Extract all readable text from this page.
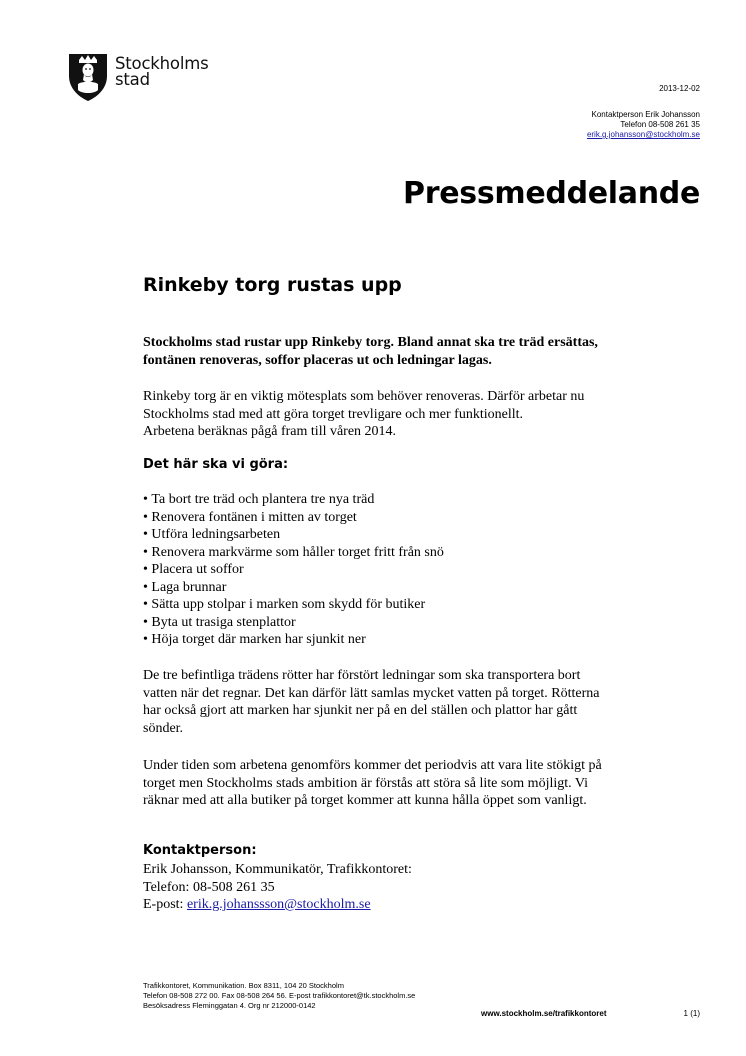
Stockholms
stad	2013-12-02
Kontaktperson Erik Johansson
Telefon 08-508 261 35
erik.g.johansson@stockholm.se
Pressmeddelande
Rinkeby torg rustas upp
Stockholms stad rustar upp Rinkeby torg. Bland annat ska tre träd ersättas, fontänen renoveras, soffor placeras ut och ledningar lagas.
Rinkeby torg är en viktig mötesplats som behöver renoveras. Därför arbetar nu
Stockholms stad med att göra torget trevligare och mer funktionellt.
Arbetena beräknas pågå fram till våren 2014.
Det här ska vi göra:
• Ta bort tre träd och plantera tre nya träd
• Renovera fontänen i mitten av torget
• Utföra ledningsarbeten
• Renovera markvärme som håller torget fritt från snö
• Placera ut soffor
• Laga brunnar
• Sätta upp stolpar i marken som skydd för butiker
• Byta ut trasiga stenplattor
• Höja torget där marken har sjunkit ner
De tre befintliga trädens rötter har förstört ledningar som ska transportera bort
vatten när det regnar. Det kan därför lätt samlas mycket vatten på torget. Rötterna
har också gjort att marken har sjunkit ner på en del ställen och plattor har gått
sönder.
Under tiden som arbetena genomförs kommer det periodvis att vara lite stökigt på
torget men Stockholms stads ambition är förstås att störa så lite som möjligt. Vi
räknar med att alla butiker på torget kommer att kunna hålla öppet som vanligt.
Kontaktperson:
Erik Johansson, Kommunikatör, Trafikkontoret:
Telefon: 08-508 261 35
E-post: erik.g.johanssson@stockholm.se
Trafikkontoret, Kommunikation. Box 8311, 104 20 Stockholm
Telefon 08-508 272 00. Fax 08-508 264 56. E-post trafikkontoret@tk.stockholm.se
Besöksadress Fleminggatan 4. Org nr 212000-0142
www.stockholm.se/trafikkontoret	1 (1)
